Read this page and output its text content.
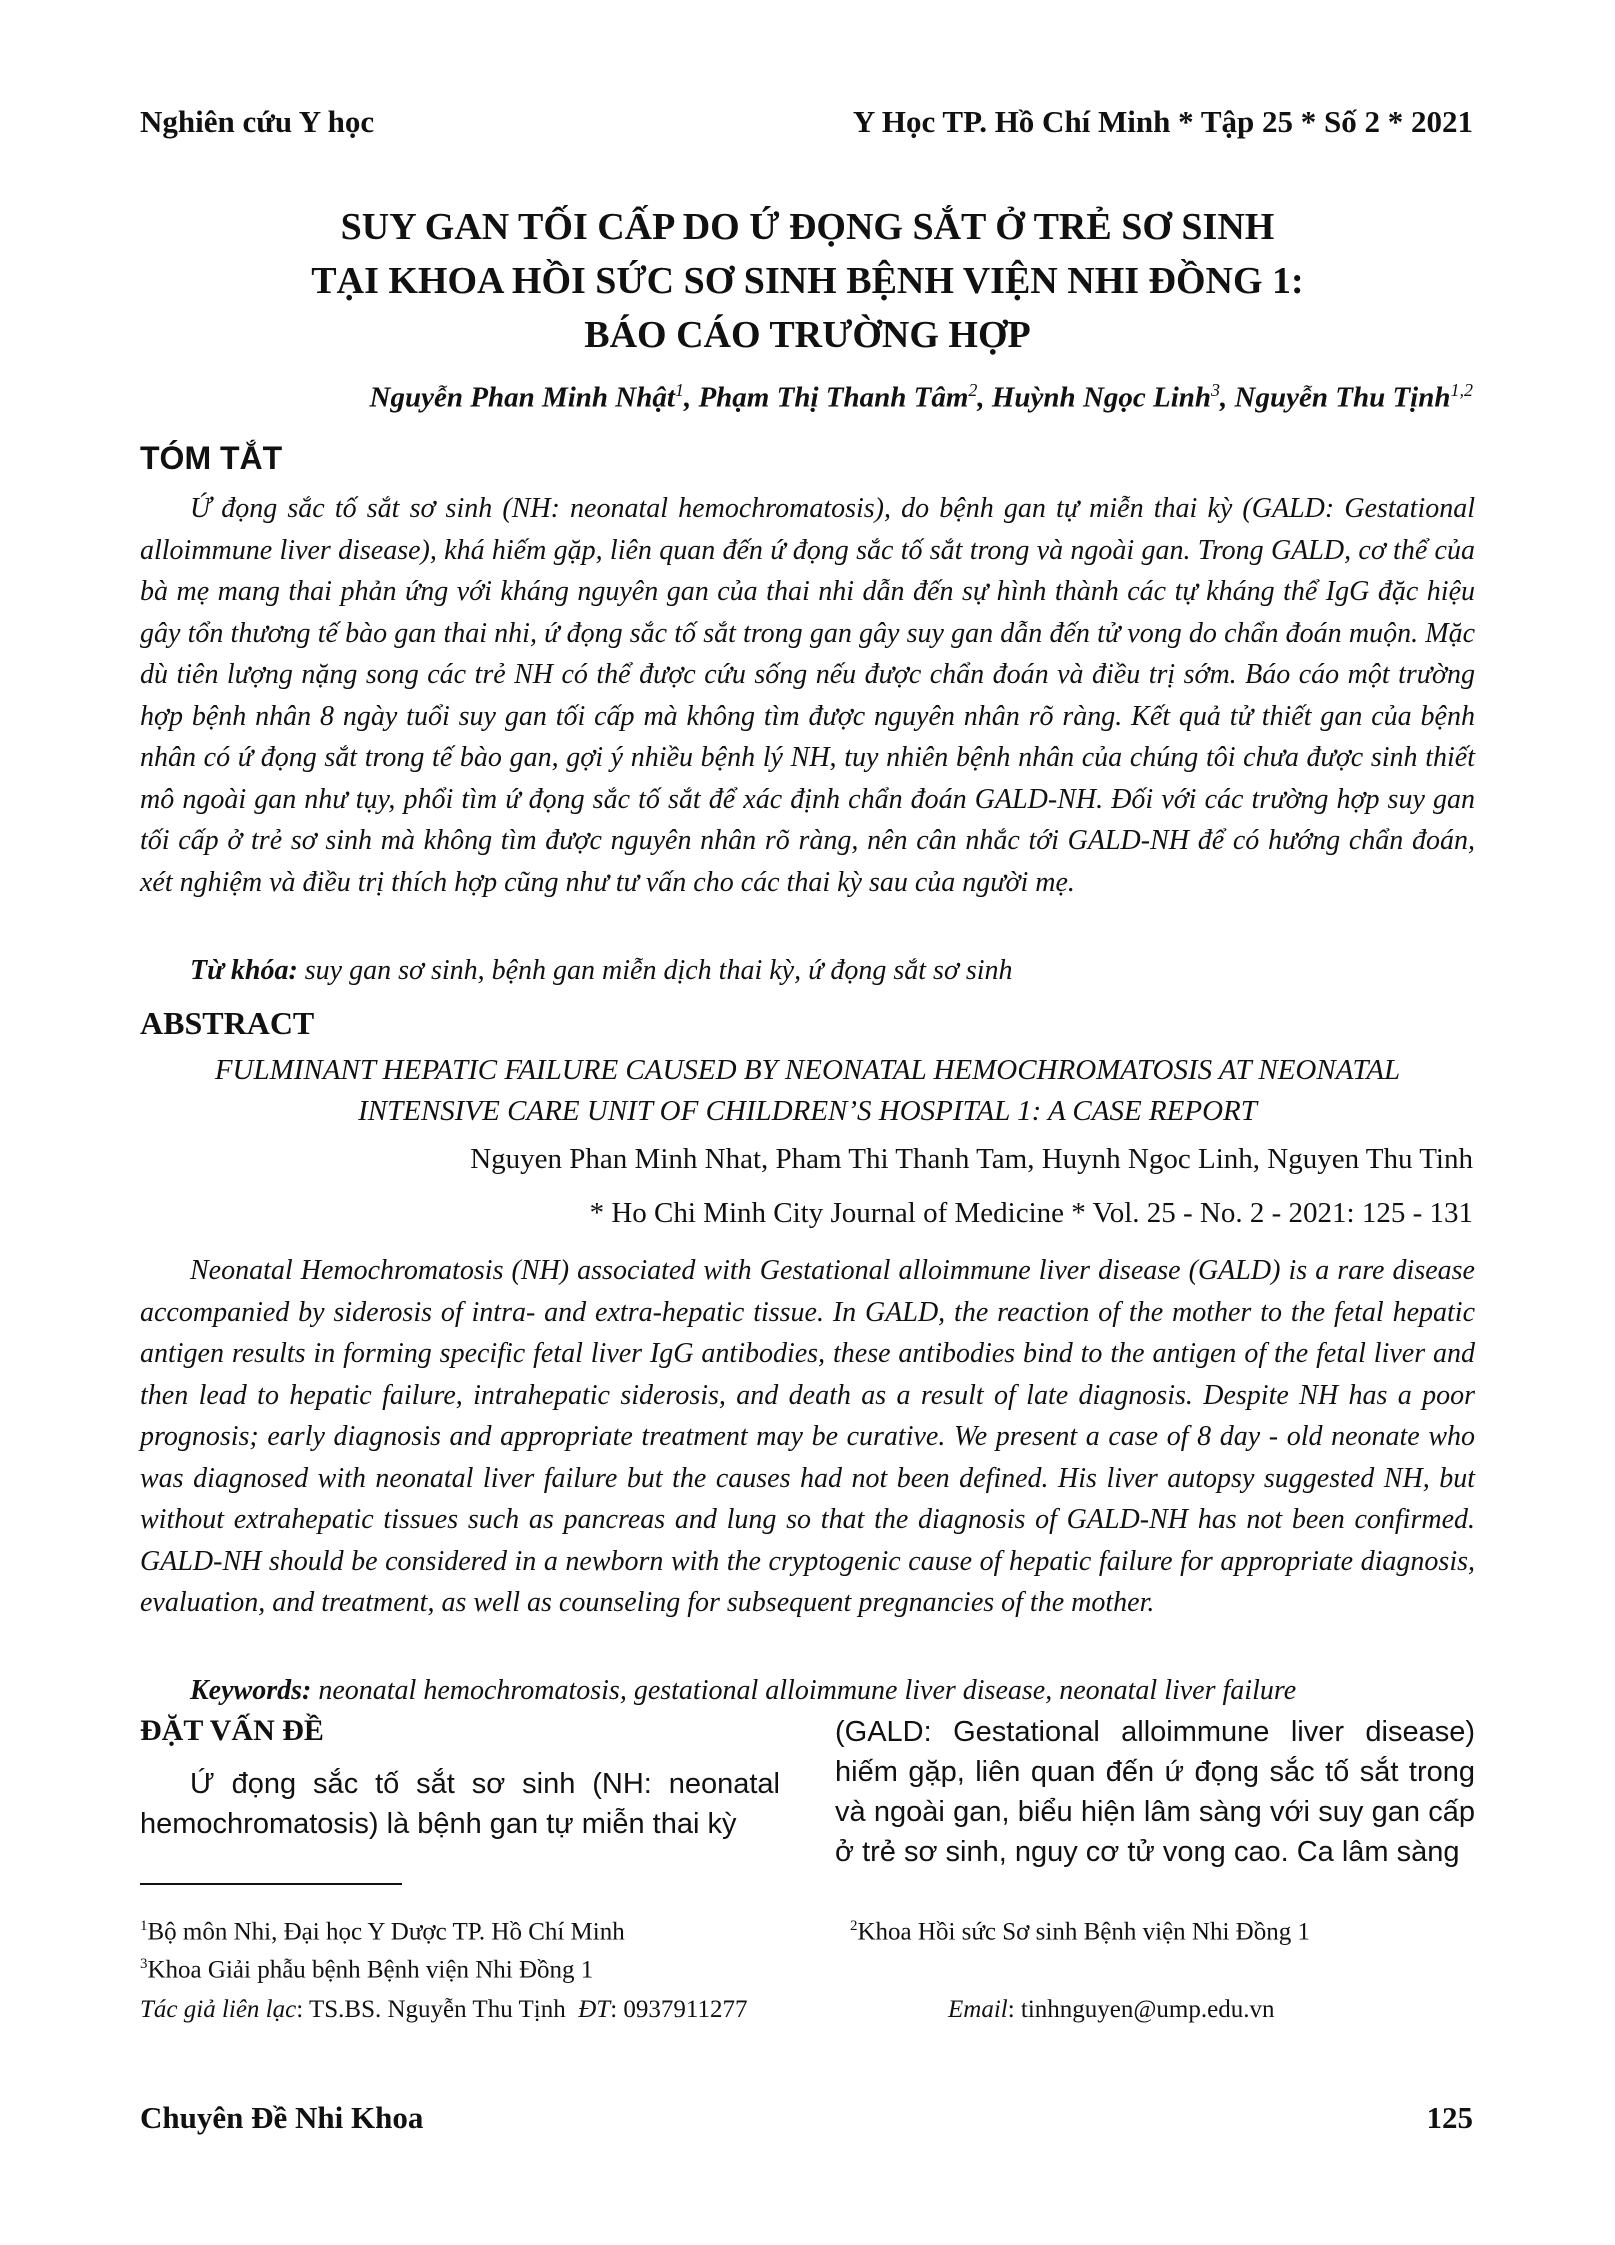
Nghiên cứu Y học	Y Học TP. Hồ Chí Minh * Tập 25 * Số 2 * 2021
SUY GAN TỐI CẤP DO Ứ ĐỌNG SẮT Ở TRẺ SƠ SINH
TẠI KHOA HỒI SỨC SƠ SINH BỆNH VIỆN NHI ĐỒNG 1:
BÁO CÁO TRƯỜNG HỢP
Nguyễn Phan Minh Nhật$^1$, Phạm Thị Thanh Tâm$^2$, Huỳnh Ngọc Linh$^3$, Nguyễn Thu Tịnh$^{1,2}$
TÓM TẮT
Ứ đọng sắc tố sắt sơ sinh (NH: neonatal hemochromatosis), do bệnh gan tự miễn thai kỳ (GALD: Gestational alloimmune liver disease), khá hiếm gặp, liên quan đến ứ đọng sắc tố sắt trong và ngoài gan. Trong GALD, cơ thể của bà mẹ mang thai phản ứng với kháng nguyên gan của thai nhi dẫn đến sự hình thành các tự kháng thể IgG đặc hiệu gây tổn thương tế bào gan thai nhi, ứ đọng sắc tố sắt trong gan gây suy gan dẫn đến tử vong do chẩn đoán muộn. Mặc dù tiên lượng nặng song các trẻ NH có thể được cứu sống nếu được chẩn đoán và điều trị sớm. Báo cáo một trường hợp bệnh nhân 8 ngày tuổi suy gan tối cấp mà không tìm được nguyên nhân rõ ràng. Kết quả tử thiết gan của bệnh nhân có ứ đọng sắt trong tế bào gan, gợi ý nhiều bệnh lý NH, tuy nhiên bệnh nhân của chúng tôi chưa được sinh thiết mô ngoài gan như tụy, phổi tìm ứ đọng sắc tố sắt để xác định chẩn đoán GALD-NH. Đối với các trường hợp suy gan tối cấp ở trẻ sơ sinh mà không tìm được nguyên nhân rõ ràng, nên cân nhắc tới GALD-NH để có hướng chẩn đoán, xét nghiệm và điều trị thích hợp cũng như tư vấn cho các thai kỳ sau của người mẹ.
Từ khóa: suy gan sơ sinh, bệnh gan miễn dịch thai kỳ, ứ đọng sắt sơ sinh
ABSTRACT
FULMINANT HEPATIC FAILURE CAUSED BY NEONATAL HEMOCHROMATOSIS AT NEONATAL
INTENSIVE CARE UNIT OF CHILDREN’S HOSPITAL 1: A CASE REPORT
Nguyen Phan Minh Nhat, Pham Thi Thanh Tam, Huynh Ngoc Linh, Nguyen Thu Tinh
* Ho Chi Minh City Journal of Medicine * Vol. 25 - No. 2 - 2021: 125 - 131
Neonatal Hemochromatosis (NH) associated with Gestational alloimmune liver disease (GALD) is a rare disease accompanied by siderosis of intra- and extra-hepatic tissue. In GALD, the reaction of the mother to the fetal hepatic antigen results in forming specific fetal liver IgG antibodies, these antibodies bind to the antigen of the fetal liver and then lead to hepatic failure, intrahepatic siderosis, and death as a result of late diagnosis. Despite NH has a poor prognosis; early diagnosis and appropriate treatment may be curative. We present a case of 8 day - old neonate who was diagnosed with neonatal liver failure but the causes had not been defined. His liver autopsy suggested NH, but without extrahepatic tissues such as pancreas and lung so that the diagnosis of GALD-NH has not been confirmed. GALD-NH should be considered in a newborn with the cryptogenic cause of hepatic failure for appropriate diagnosis, evaluation, and treatment, as well as counseling for subsequent pregnancies of the mother.
Keywords: neonatal hemochromatosis, gestational alloimmune liver disease, neonatal liver failure
ĐẶT VẤN ĐỀ
Ứ đọng sắc tố sắt sơ sinh (NH: neonatal hemochromatosis) là bệnh gan tự miễn thai kỳ
(GALD: Gestational alloimmune liver disease) hiếm gặp, liên quan đến ứ đọng sắc tố sắt trong và ngoài gan, biểu hiện lâm sàng với suy gan cấp ở trẻ sơ sinh, nguy cơ tử vong cao. Ca lâm sàng
$^1$Bộ môn Nhi, Đại học Y Dược TP. Hồ Chí Minh	$^2$Khoa Hồi sức Sơ sinh Bệnh viện Nhi Đồng 1
$^3$Khoa Giải phẫu bệnh Bệnh viện Nhi Đồng 1
Tác giả liên lạc: TS.BS. Nguyễn Thu Tịnh ĐT: 0937911277	Email: tinhnguyen@ump.edu.vn
Chuyên Đề Nhi Khoa	125
